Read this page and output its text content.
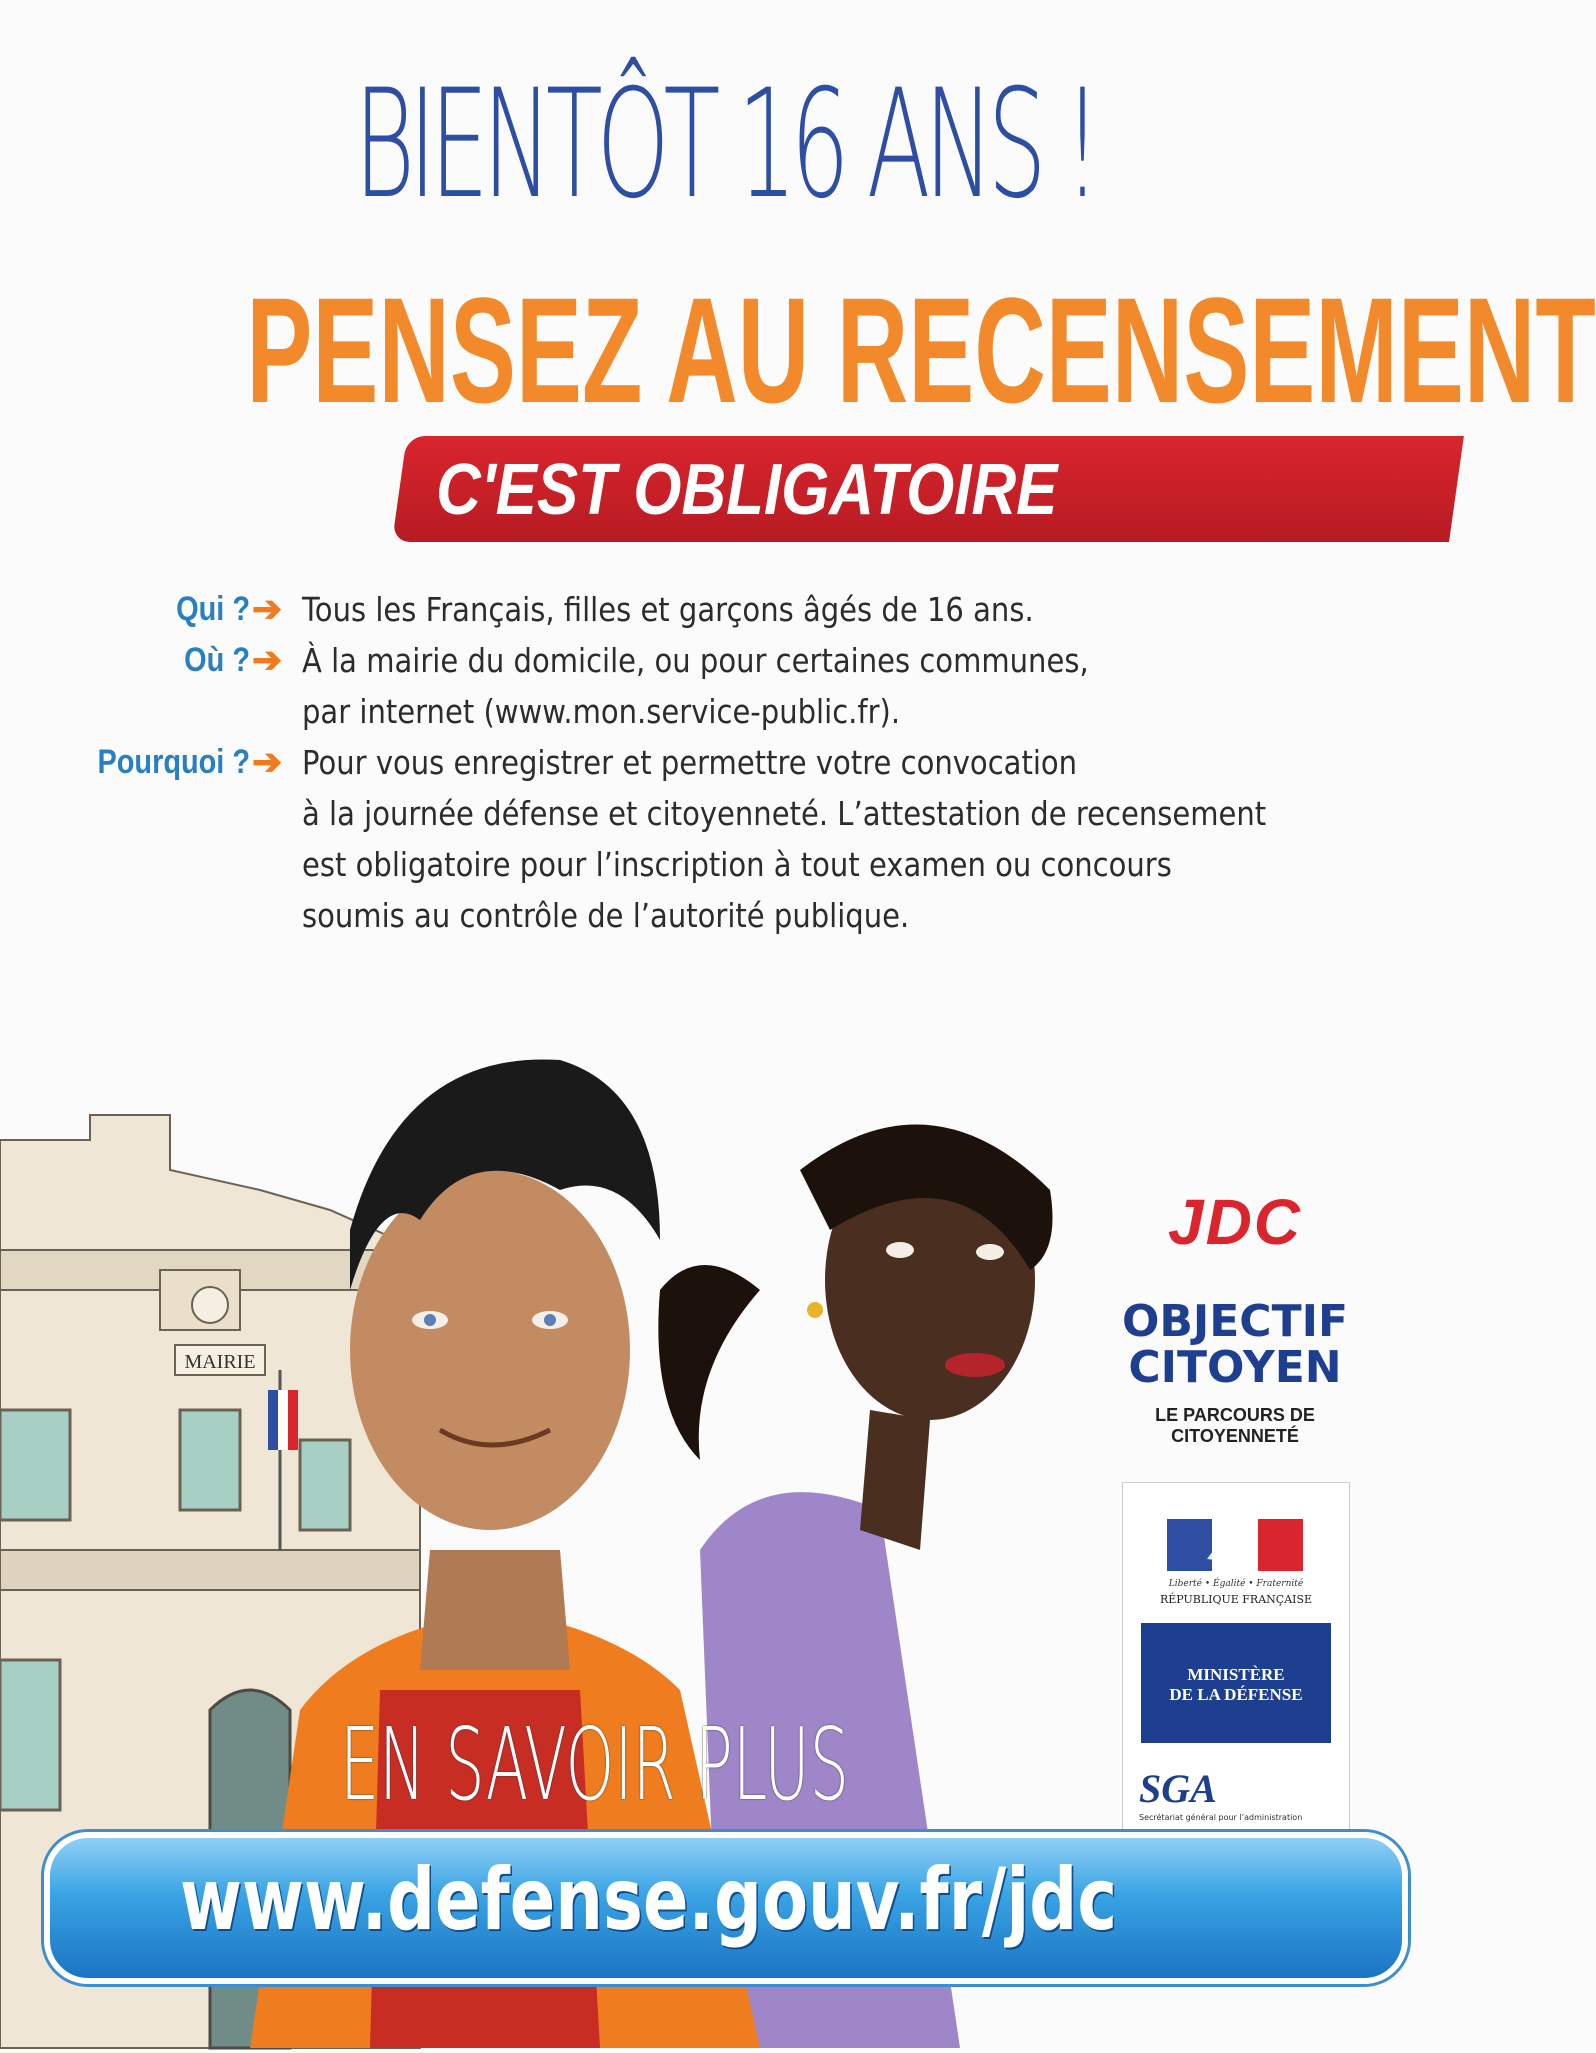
BIENTÔT 16 ANS !
PENSEZ AU RECENSEMENT
C'EST OBLIGATOIRE
Qui ? ➔ Tous les Français, filles et garçons âgés de 16 ans.
Où ? ➔ À la mairie du domicile, ou pour certaines communes,
par internet (www.mon.service-public.fr).
Pourquoi ? ➔ Pour vous enregistrer et permettre votre convocation
à la journée défense et citoyenneté. L’attestation de recensement
est obligatoire pour l’inscription à tout examen ou concours
soumis au contrôle de l’autorité publique.
MAIRIE
JDC
OBJECTIF
CITOYEN
LE PARCOURS DE CITOYENNETÉ
Liberté • Égalité • Fraternité
RÉPUBLIQUE FRANÇAISE
MINISTÈRE
DE LA DÉFENSE
SGA
Secrétariat général pour l’administration
EN SAVOIR PLUS
www.defense.gouv.fr/jdc
